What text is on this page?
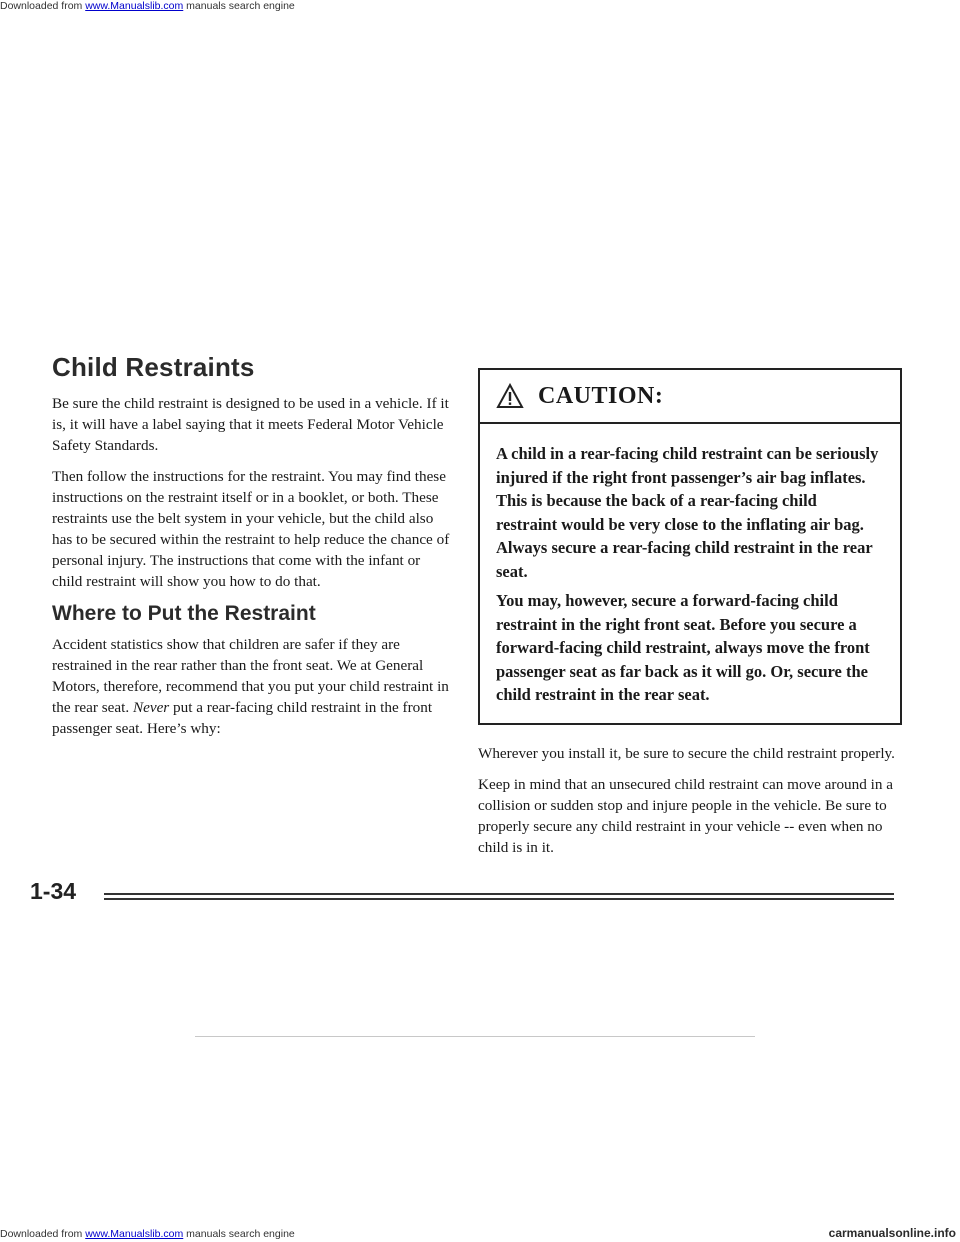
Downloaded from www.Manualslib.com manuals search engine
Child Restraints

Be sure the child restraint is designed to be used in a vehicle. If it is, it will have a label saying that it meets Federal Motor Vehicle Safety Standards.

Then follow the instructions for the restraint. You may find these instructions on the restraint itself or in a booklet, or both. These restraints use the belt system in your vehicle, but the child also has to be secured within the restraint to help reduce the chance of personal injury. The instructions that come with the infant or child restraint will show you how to do that.

Where to Put the Restraint

Accident statistics show that children are safer if they are restrained in the rear rather than the front seat. We at General Motors, therefore, recommend that you put your child restraint in the rear seat. Never put a rear-facing child restraint in the front passenger seat. Here’s why:

CAUTION:

A child in a rear-facing child restraint can be seriously injured if the right front passenger’s air bag inflates. This is because the back of a rear-facing child restraint would be very close to the inflating air bag. Always secure a rear-facing child restraint in the rear seat.

You may, however, secure a forward-facing child restraint in the right front seat. Before you secure a forward-facing child restraint, always move the front passenger seat as far back as it will go. Or, secure the child restraint in the rear seat.

Wherever you install it, be sure to secure the child restraint properly.

Keep in mind that an unsecured child restraint can move around in a collision or sudden stop and injure people in the vehicle. Be sure to properly secure any child restraint in your vehicle -- even when no child is in it.

1-34
Downloaded from www.Manualslib.com manuals search engine	carmanualsonline.info
